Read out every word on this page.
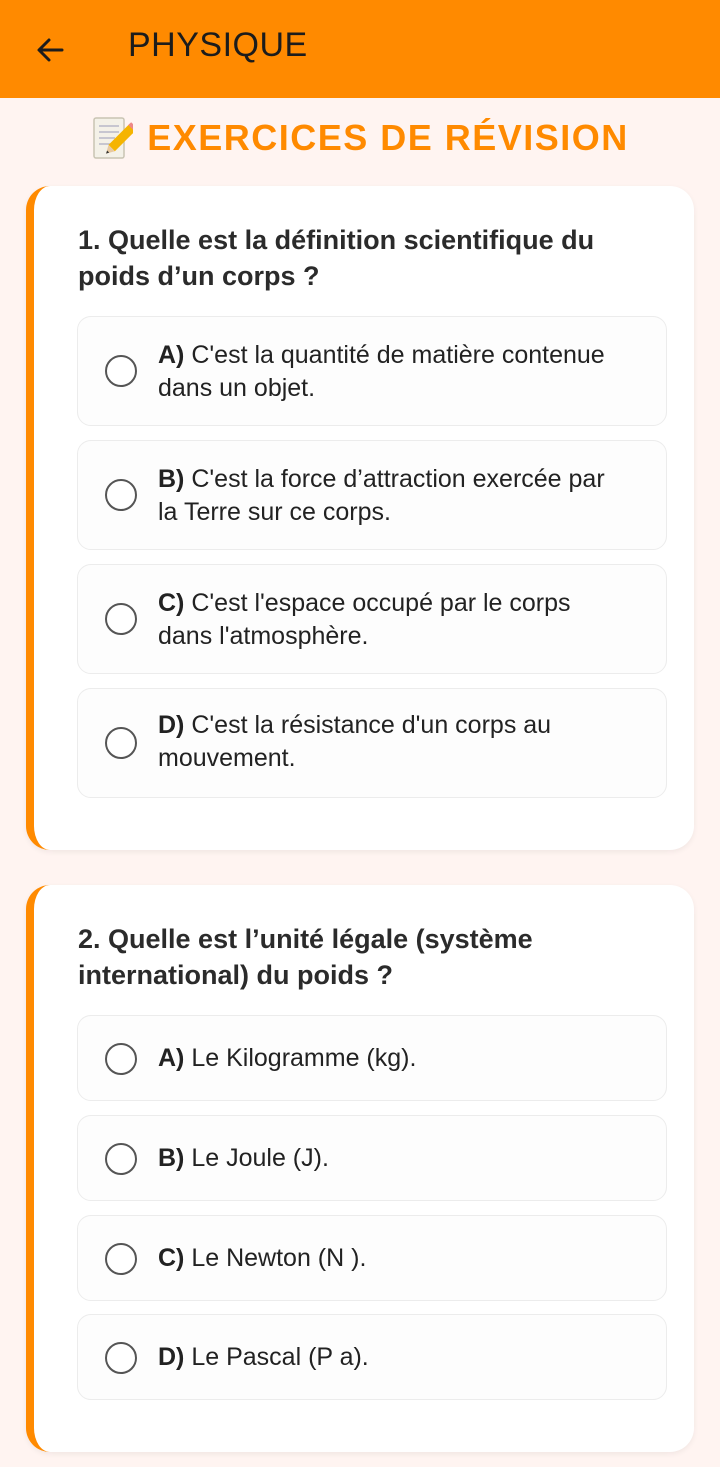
PHYSIQUE
EXERCICES DE RÉVISION
1. Quelle est la définition scientifique du poids d’un corps ?
A) C'est la quantité de matière contenue dans un objet.
B) C'est la force d’attraction exercée par la Terre sur ce corps.
C) C'est l'espace occupé par le corps dans l'atmosphère.
D) C'est la résistance d'un corps au mouvement.
2. Quelle est l’unité légale (système international) du poids ?
A) Le Kilogramme (kg).
B) Le Joule (J).
C) Le Newton (N ).
D) Le Pascal (P a).
